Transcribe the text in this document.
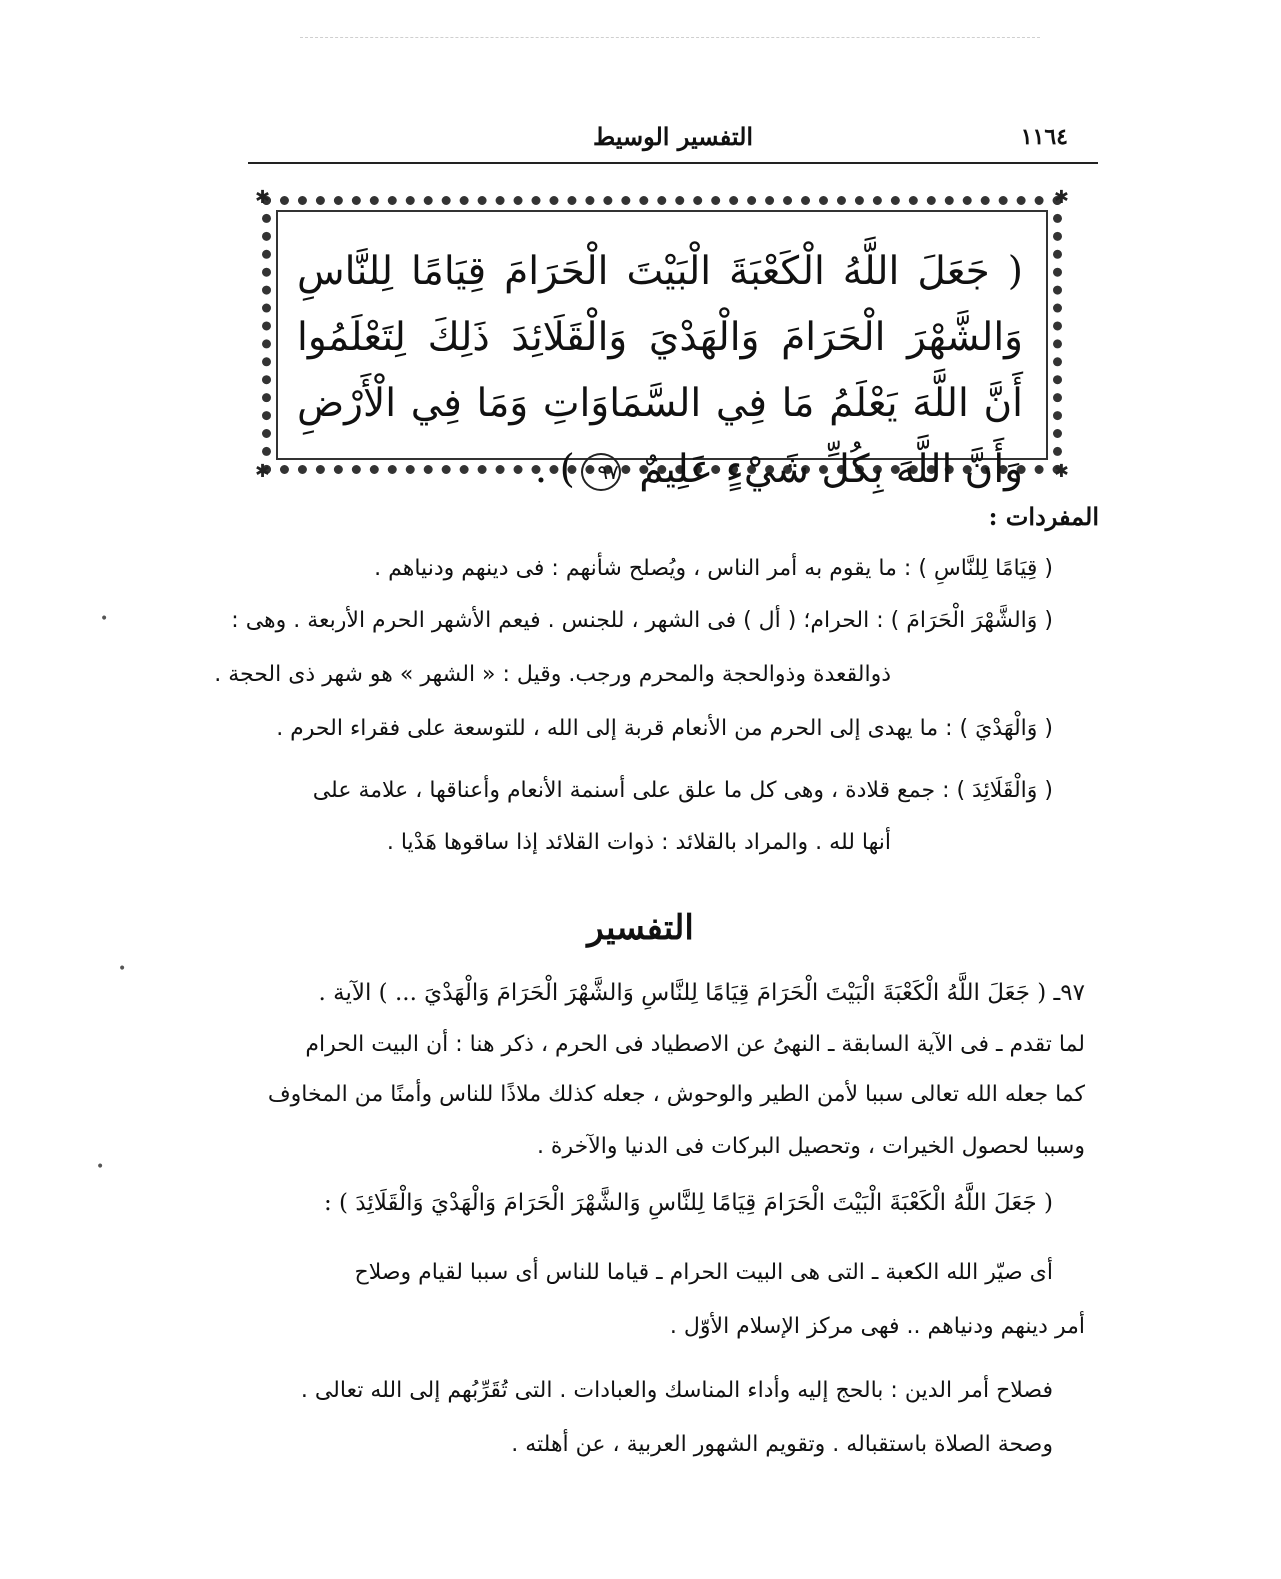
•
•
•
١١٦٤
التفسير الوسيط
✱	✱
✱	✱
( جَعَلَ اللَّهُ الْكَعْبَةَ الْبَيْتَ الْحَرَامَ قِيَامًا لِلنَّاسِ وَالشَّهْرَ الْحَرَامَ وَالْهَدْيَ وَالْقَلَائِدَ ذَلِكَ لِتَعْلَمُوا أَنَّ اللَّهَ يَعْلَمُ مَا فِي السَّمَاوَاتِ وَمَا فِي الْأَرْضِ وَأَنَّ اللَّهَ بِكُلِّ شَيْءٍ عَلِيمٌ ٩٧) .
المفردات :
( قِيَامًا لِلنَّاسِ ) : ما يقوم به أمر الناس ، ويُصلح شأنهم : فى دينهم ودنياهم .
( وَالشَّهْرَ الْحَرَامَ ) : الحرام؛ ( أل ) فى الشهر ، للجنس . فيعم الأشهر الحرم الأربعة . وهى :
ذوالقعدة وذوالحجة والمحرم ورجب. وقيل : « الشهر » هو شهر ذى الحجة .
( وَالْهَدْيَ ) : ما يهدى إلى الحرم من الأنعام قربة إلى الله ، للتوسعة على فقراء الحرم .
( وَالْقَلَائِدَ ) : جمع قلادة ، وهى كل ما علق على أسنمة الأنعام وأعناقها ، علامة على
أنها لله . والمراد بالقلائد : ذوات القلائد إذا ساقوها هَدْيا .
التفسير
٩٧ـ ( جَعَلَ اللَّهُ الْكَعْبَةَ الْبَيْتَ الْحَرَامَ قِيَامًا لِلنَّاسِ وَالشَّهْرَ الْحَرَامَ وَالْهَدْيَ ... ) الآية .
لما تقدم ـ فى الآية السابقة ـ النهىُ عن الاصطياد فى الحرم ، ذكر هنا : أن البيت الحرام
كما جعله الله تعالى سببا لأمن الطير والوحوش ، جعله كذلك ملاذًا للناس وأمنًا من المخاوف
وسببا لحصول الخيرات ، وتحصيل البركات فى الدنيا والآخرة .
( جَعَلَ اللَّهُ الْكَعْبَةَ الْبَيْتَ الْحَرَامَ قِيَامًا لِلنَّاسِ وَالشَّهْرَ الْحَرَامَ وَالْهَدْيَ وَالْقَلَائِدَ ) :
أى صيّر الله الكعبة ـ التى هى البيت الحرام ـ قياما للناس أى سببا لقيام وصلاح
أمر دينهم ودنياهم .. فهى مركز الإسلام الأوّل .
فصلاح أمر الدين : بالحج إليه وأداء المناسك والعبادات . التى تُقَرِّبُهم إلى الله تعالى .
وصحة الصلاة باستقباله . وتقويم الشهور العربية ، عن أهلته .
